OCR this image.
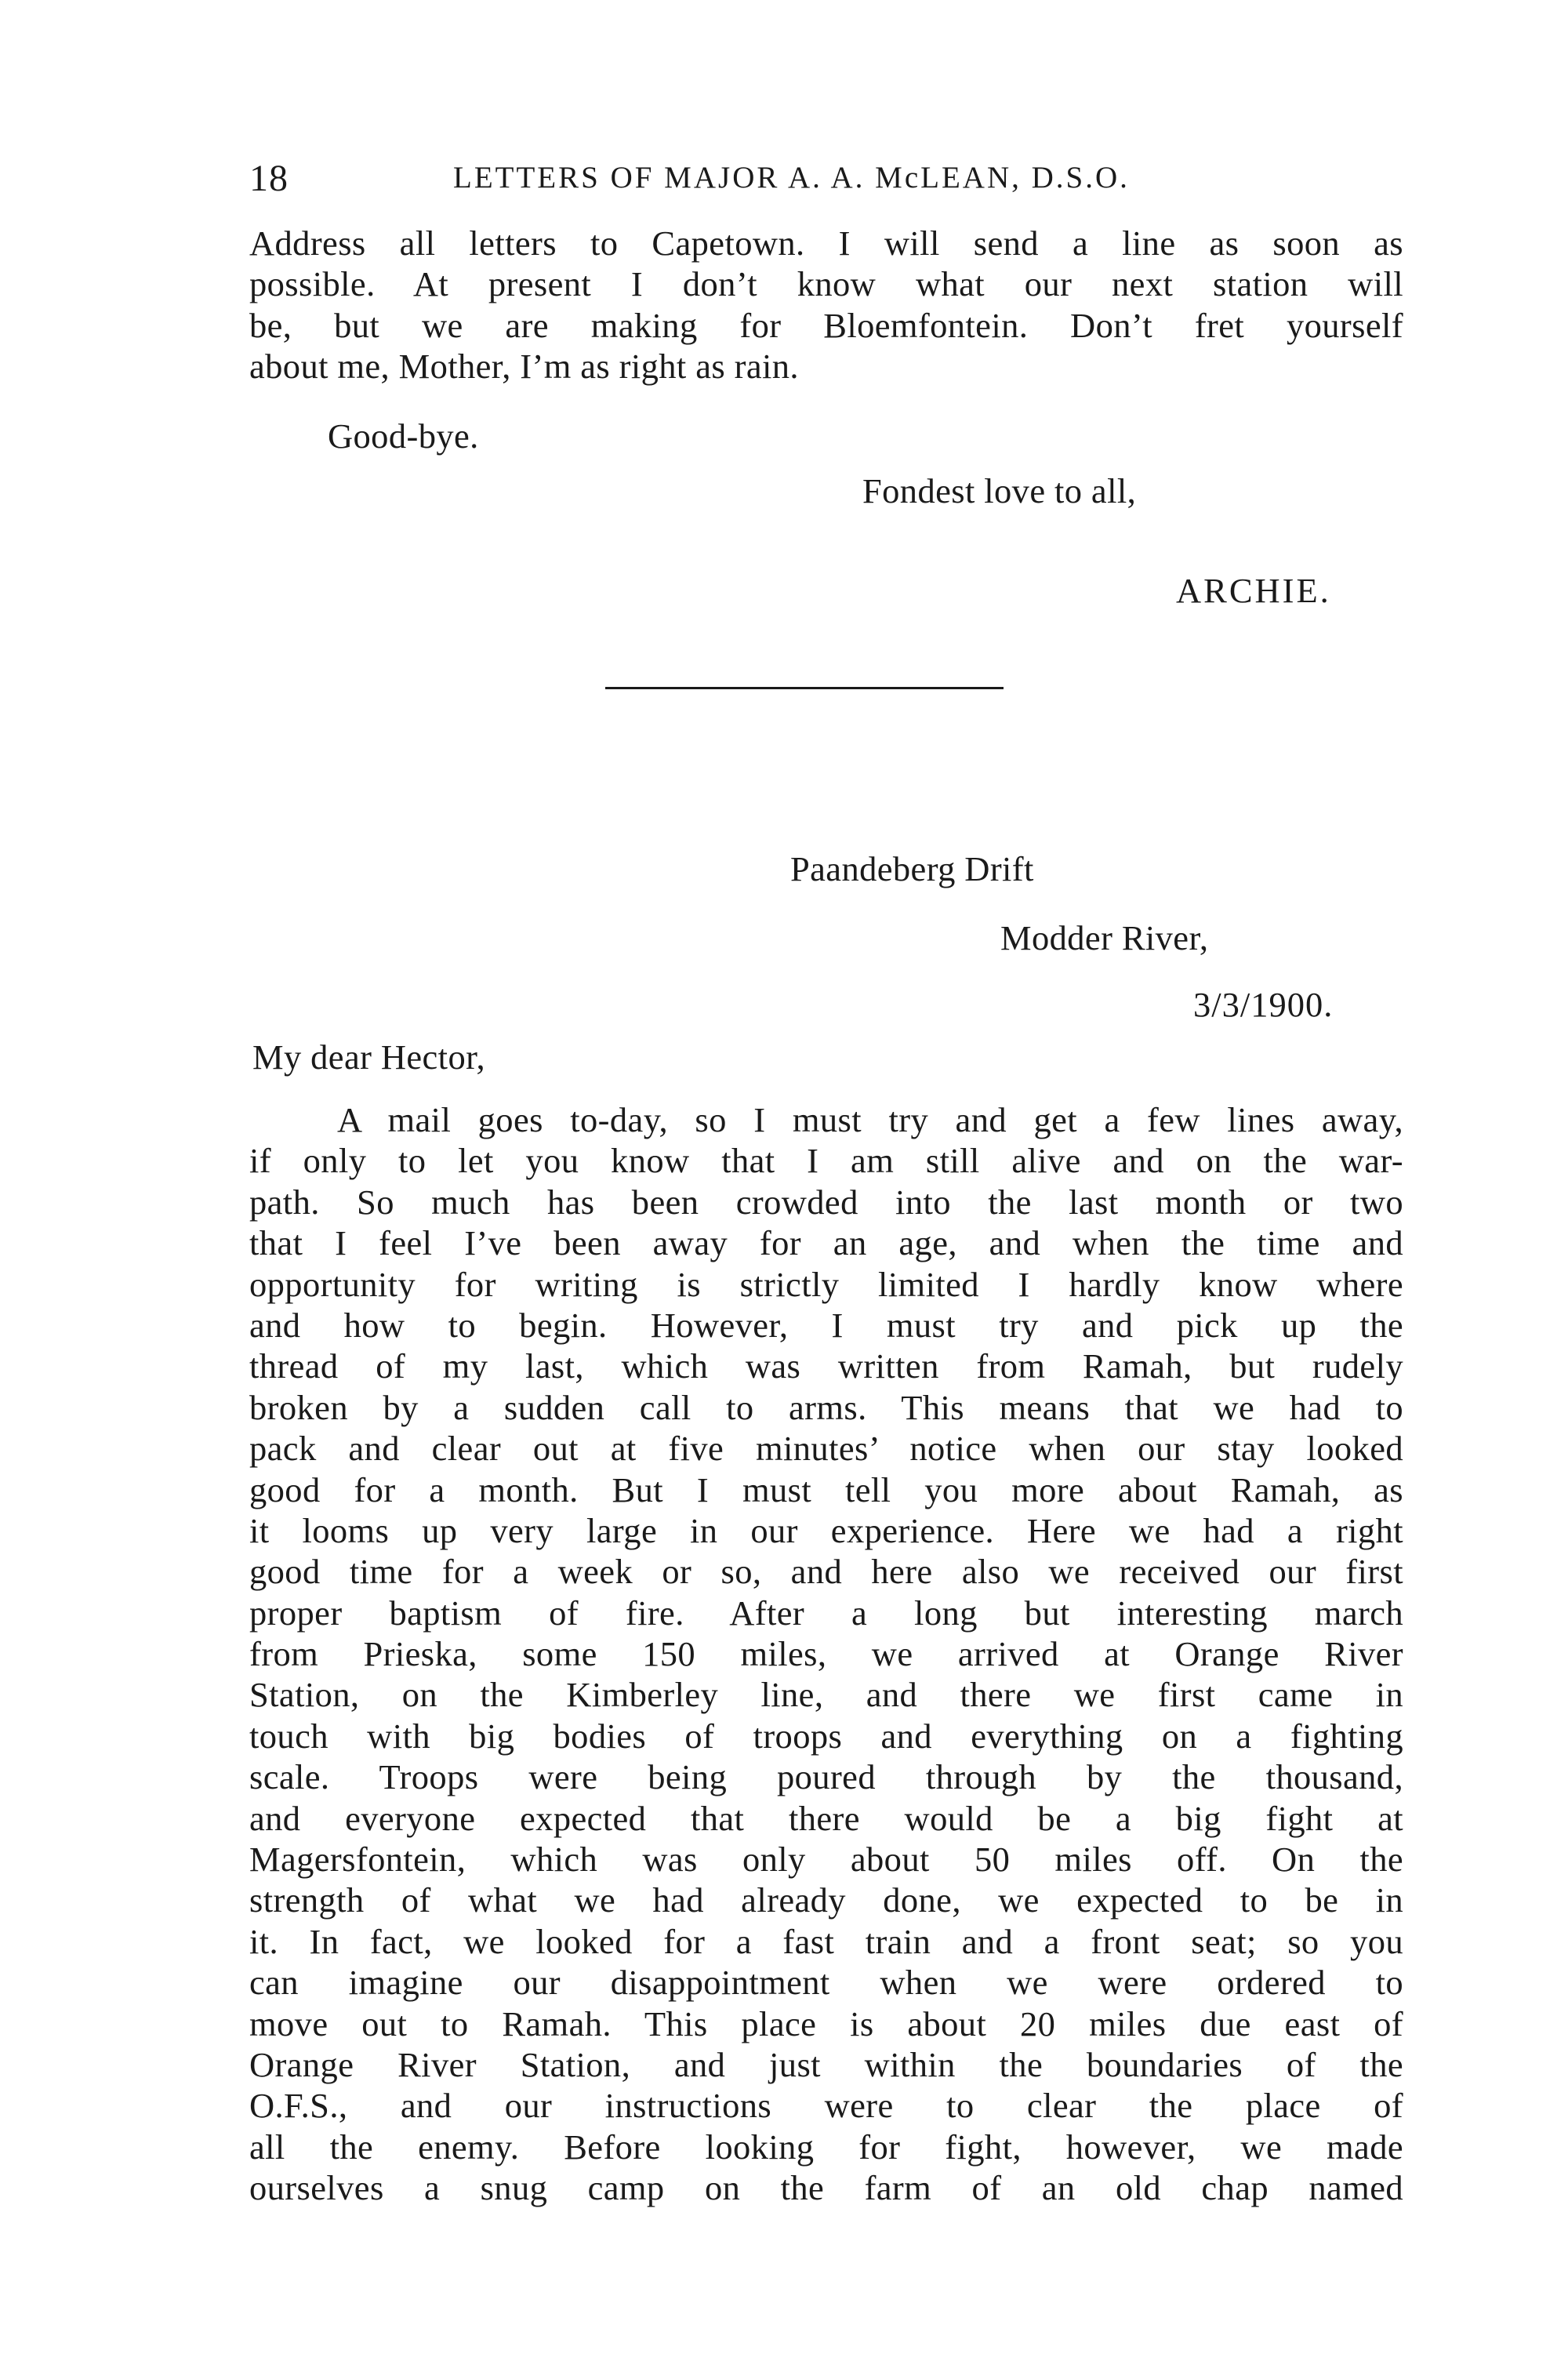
18	LETTERS OF MAJOR A. A. McLEAN, D.S.O.
Address all letters to Capetown. I will send a line as soon as
possible. At present I don’t know what our next station will
be, but we are making for Bloemfontein. Don’t fret yourself
about me, Mother, I’m as right as rain.
Good-bye.
Fondest love to all,
ARCHIE.
Paandeberg Drift
Modder River,
3/3/1900.
My dear Hector,
A mail goes to-day, so I must try and get a few lines away,
if only to let you know that I am still alive and on the war-
path. So much has been crowded into the last month or two
that I feel I’ve been away for an age, and when the time and
opportunity for writing is strictly limited I hardly know where
and how to begin. However, I must try and pick up the
thread of my last, which was written from Ramah, but rudely
broken by a sudden call to arms. This means that we had to
pack and clear out at five minutes’ notice when our stay looked
good for a month. But I must tell you more about Ramah, as
it looms up very large in our experience. Here we had a right
good time for a week or so, and here also we received our first
proper baptism of fire. After a long but interesting march
from Prieska, some 150 miles, we arrived at Orange River
Station, on the Kimberley line, and there we first came in
touch with big bodies of troops and everything on a fighting
scale. Troops were being poured through by the thousand,
and everyone expected that there would be a big fight at
Magersfontein, which was only about 50 miles off. On the
strength of what we had already done, we expected to be in
it. In fact, we looked for a fast train and a front seat; so you
can imagine our disappointment when we were ordered to
move out to Ramah. This place is about 20 miles due east of
Orange River Station, and just within the boundaries of the
O.F.S., and our instructions were to clear the place of
all the enemy. Before looking for fight, however, we made
ourselves a snug camp on the farm of an old chap named
